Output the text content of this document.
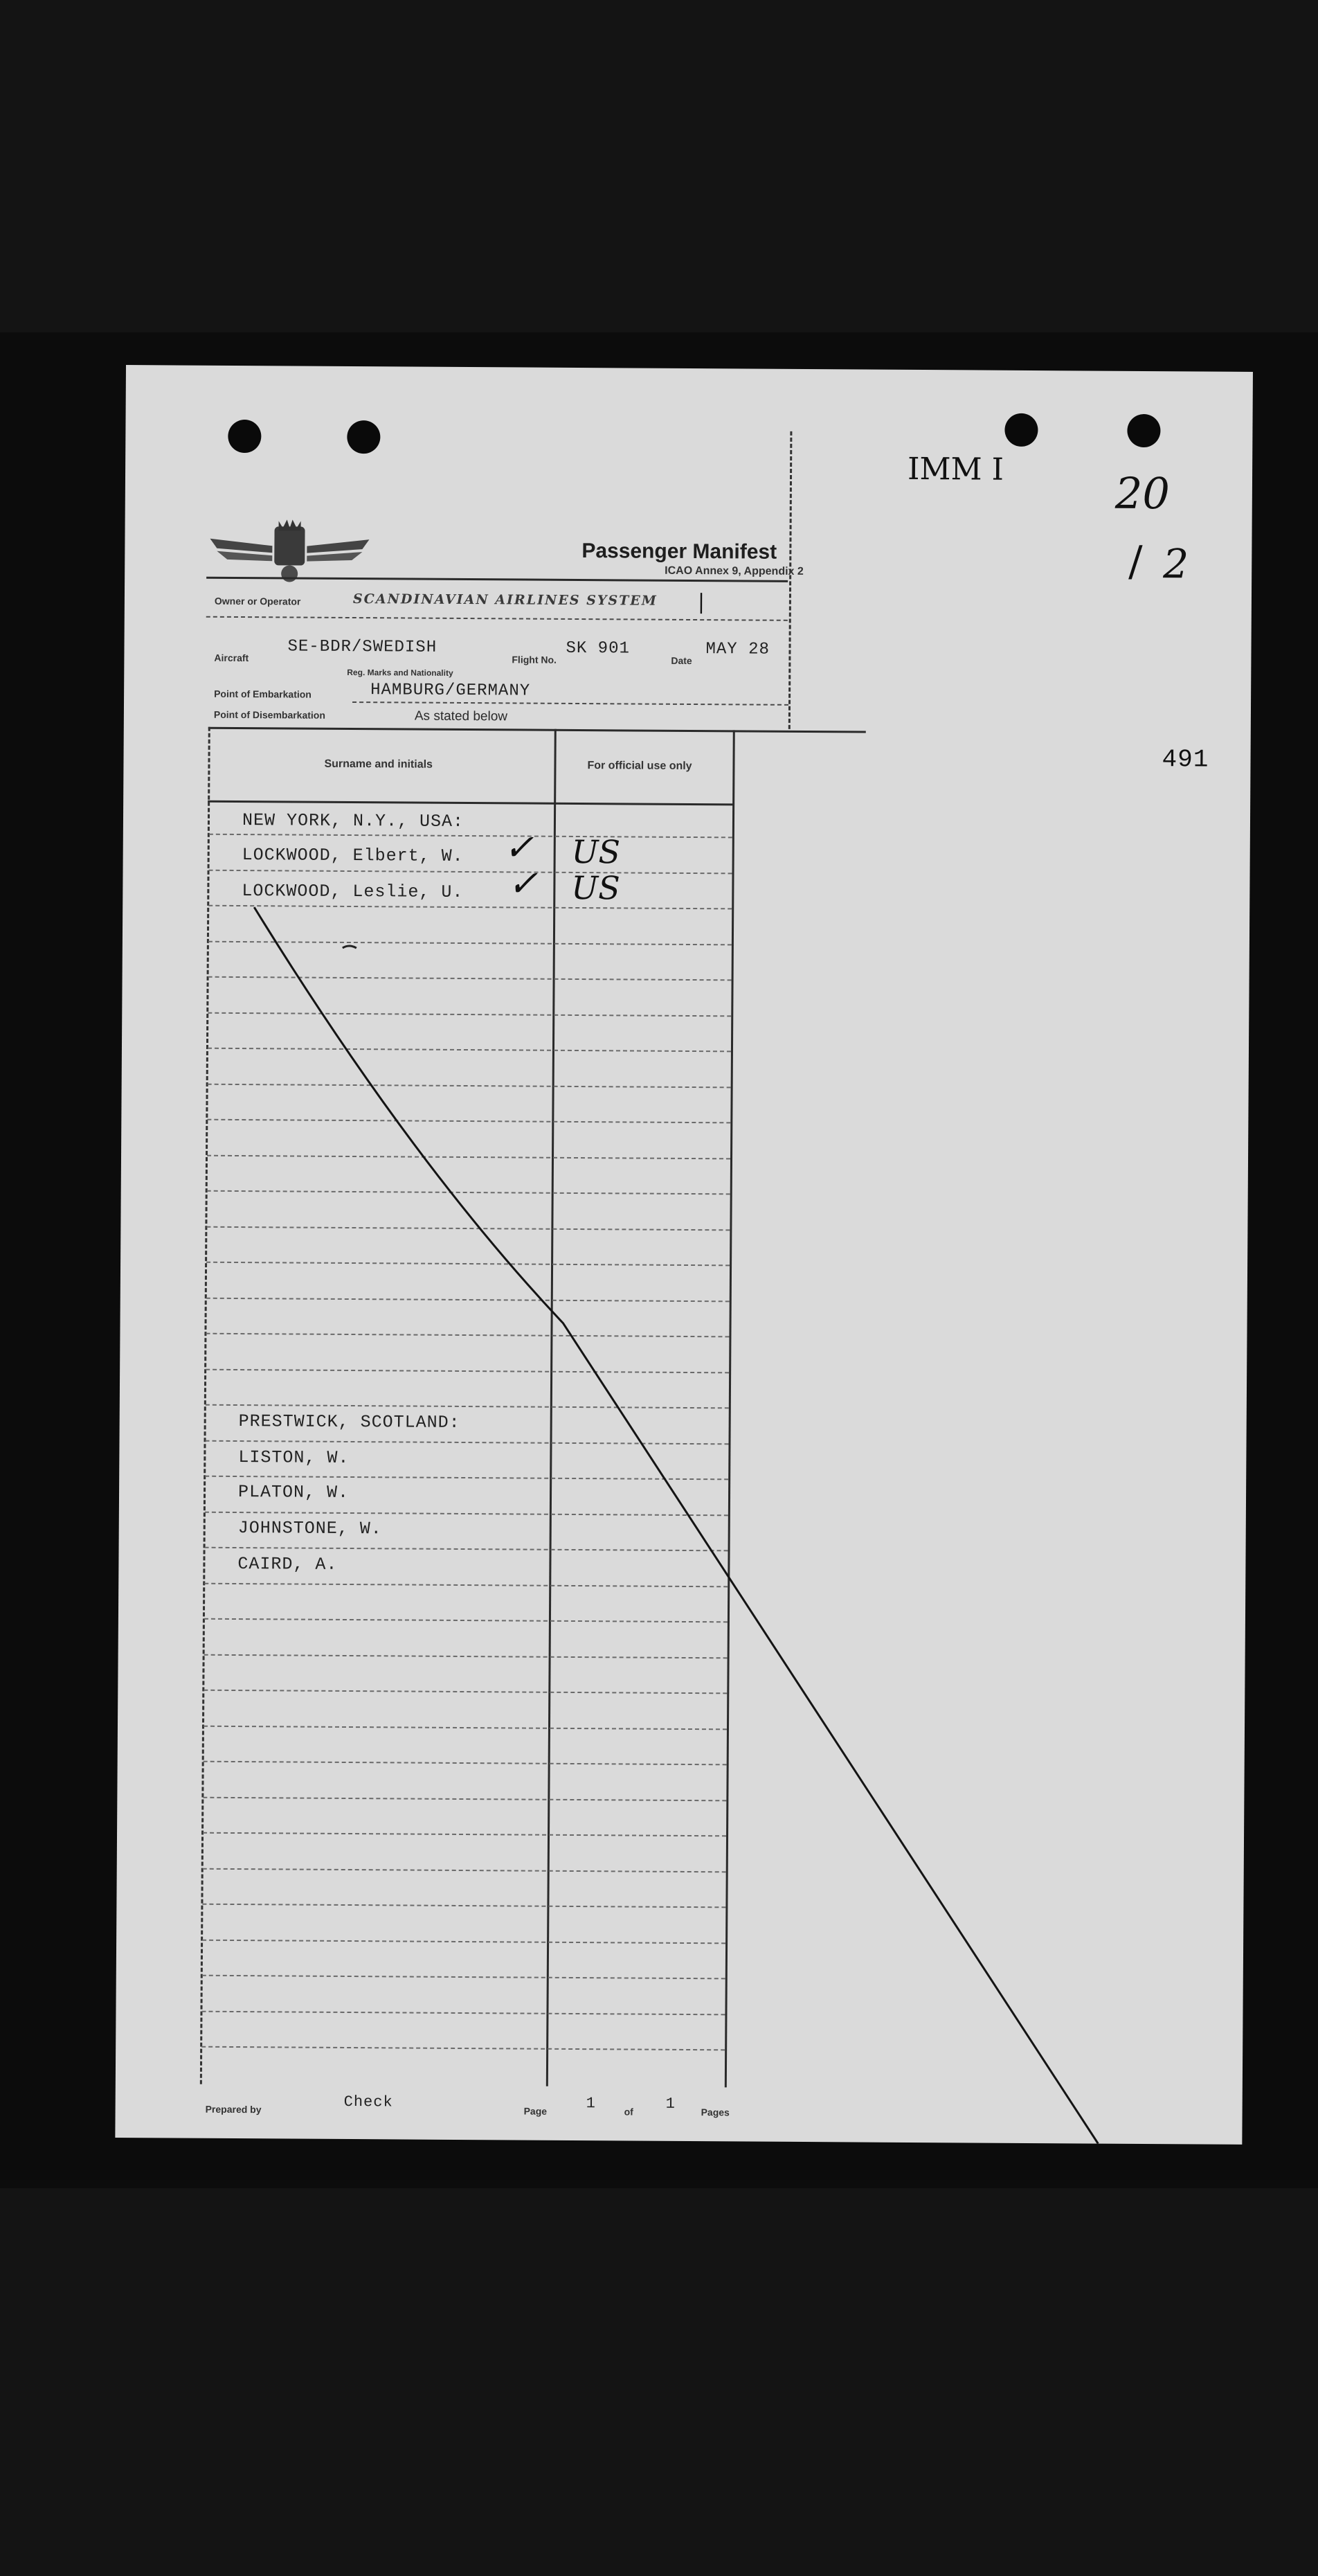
Passenger Manifest
ICAO Annex 9, Appendix 2
Owner or Operator	SCANDINAVIAN AIRLINES SYSTEM |
Aircraft
SE-BDR/SWEDISH
Reg. Marks and Nationality
Flight No.
SK 901
Date
MAY 28
Point of Embarkation	HAMBURG/GERMANY
Point of Disembarkation	As stated below
Surname and initials	For official use only
NEW YORK, N.Y., USA:
LOCKWOOD, Elbert, W. ✓ US
LOCKWOOD, Leslie, U. ✓ US
PRESTWICK, SCOTLAND:
LISTON, W.
PLATON, W.
JOHNSTONE, W.
CAIRD, A.
Prepared by	Check
Page	1	of 1	Pages
IMM I	20
/ 2
491
